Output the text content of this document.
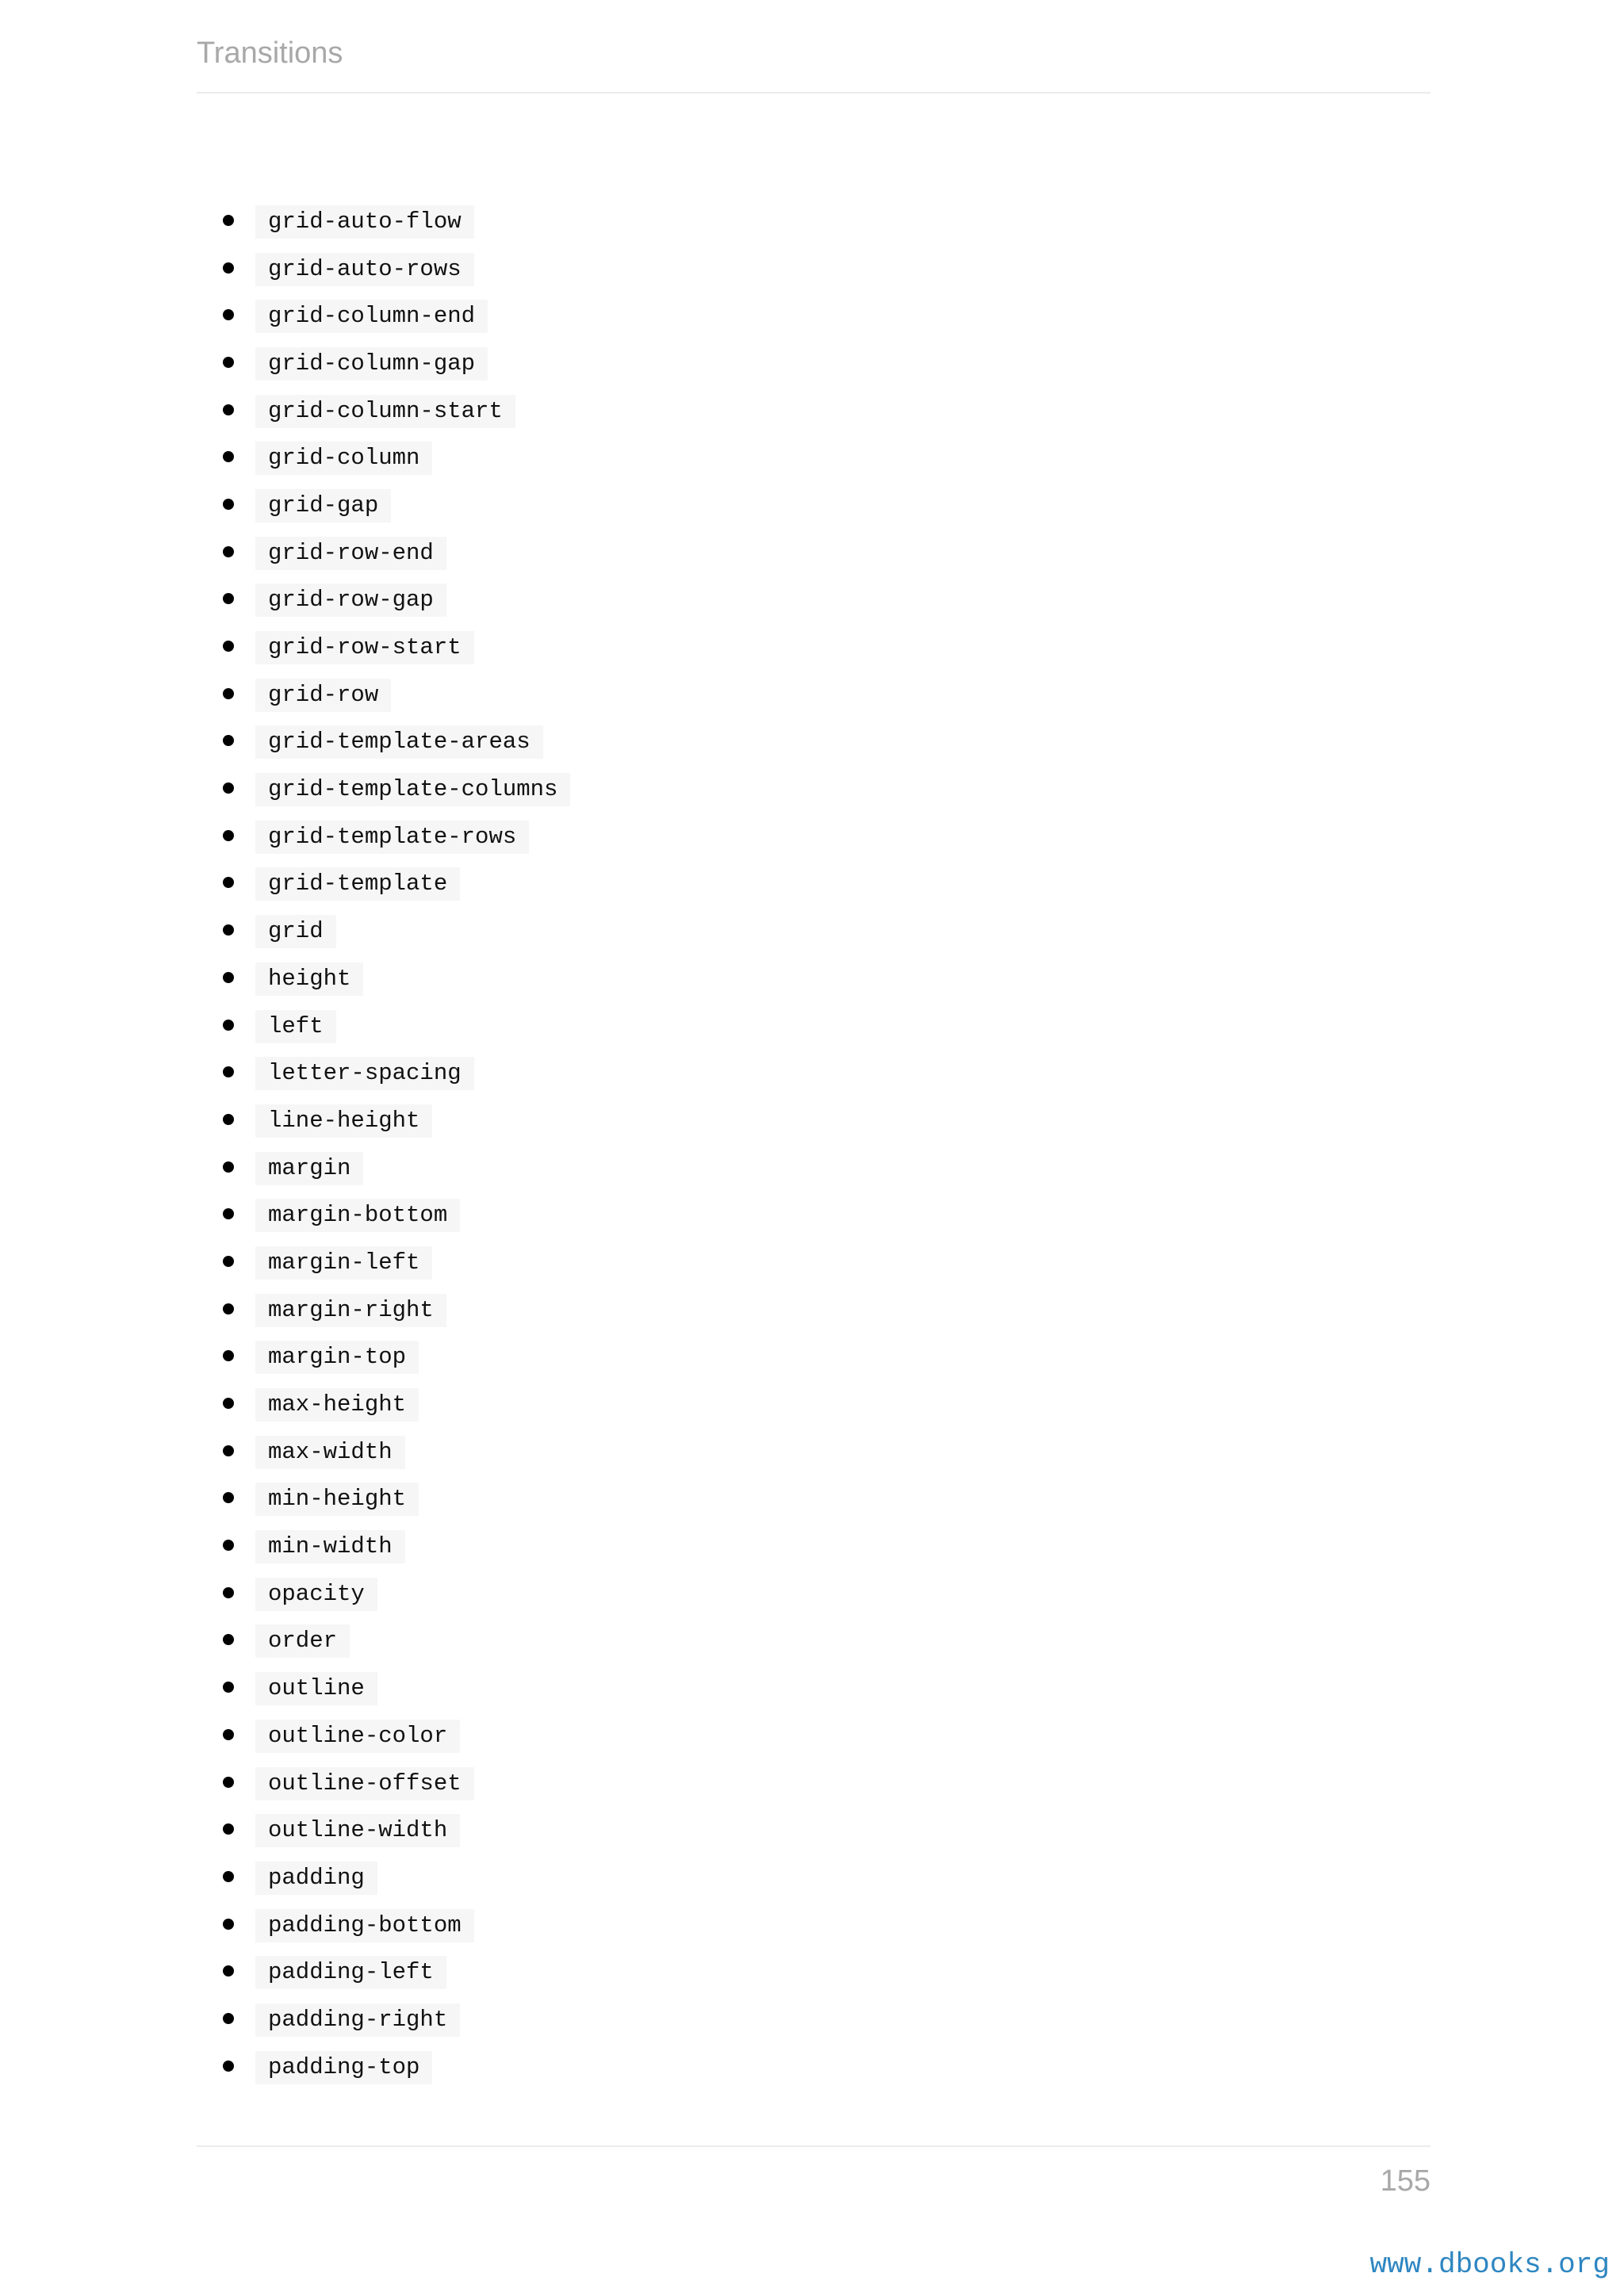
Transitions
grid-auto-flow
grid-auto-rows
grid-column-end
grid-column-gap
grid-column-start
grid-column
grid-gap
grid-row-end
grid-row-gap
grid-row-start
grid-row
grid-template-areas
grid-template-columns
grid-template-rows
grid-template
grid
height
left
letter-spacing
line-height
margin
margin-bottom
margin-left
margin-right
margin-top
max-height
max-width
min-height
min-width
opacity
order
outline
outline-color
outline-offset
outline-width
padding
padding-bottom
padding-left
padding-right
padding-top
155
www.dbooks.org
